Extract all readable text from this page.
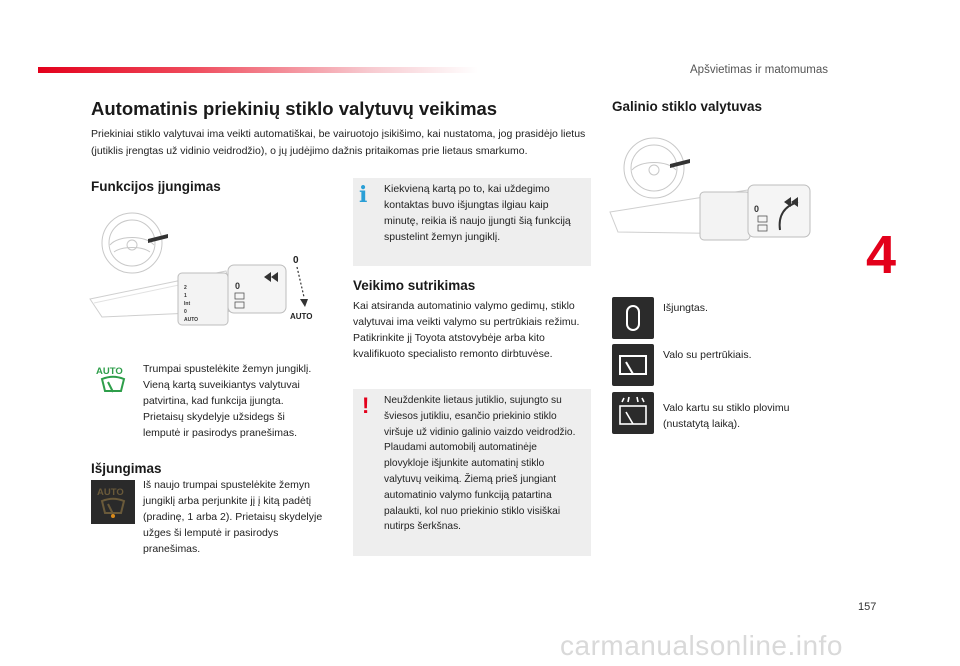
Apšvietimas ir matomumas
4
Automatinis priekinių stiklo valytuvų veikimas
Priekiniai stiklo valytuvai ima veikti automatiškai, be vairuotojo įsikišimo, kai nustatoma, jog prasidėjo lietus (jutiklis įrengtas už vidinio veidrodžio), o jų judėjimo dažnis pritaikomas prie lietaus smarkumo.
Funkcijos įjungimas
2
1
Int
0
AUTO
0
0
AUTO
AUTO Trumpai spustelėkite žemyn jungiklį. Vieną kartą suveikiantys valytuvai patvirtina, kad funkcija įjungta. Prietaisų skydelyje užsidegs ši lemputė ir pasirodys pranešimas.
Išjungimas
AUTO
Iš naujo trumpai spustelėkite žemyn jungiklį arba perjunkite jį į kitą padėtį (pradinę, 1 arba 2). Prietaisų skydelyje užges ši lemputė ir pasirodys pranešimas.
i Kiekvieną kartą po to, kai uždegimo kontaktas buvo išjungtas ilgiau kaip minutę, reikia iš naujo įjungti šią funkciją spustelint žemyn jungiklį.
Veikimo sutrikimas
Kai atsiranda automatinio valymo gedimų, stiklo valytuvai ima veikti valymo su pertrūkiais režimu. Patikrinkite jį Toyota atstovybėje arba kito kvalifikuoto specialisto remonto dirbtuvėse.
! Neuždenkite lietaus jutiklio, sujungto su šviesos jutikliu, esančio priekinio stiklo viršuje už vidinio galinio vaizdo veidrodžio. Plaudami automobilį automatinėje plovykloje išjunkite automatinį stiklo valytuvų veikimą. Žiemą prieš jungiant automatinio valymo funkciją patartina palaukti, kol nuo priekinio stiklo visiškai nutirps šerkšnas.
Galinio stiklo valytuvas
0
Išjungtas.
Valo su pertrūkiais.
Valo kartu su stiklo plovimu (nustatytą laiką).
157
carmanualsonline.info
